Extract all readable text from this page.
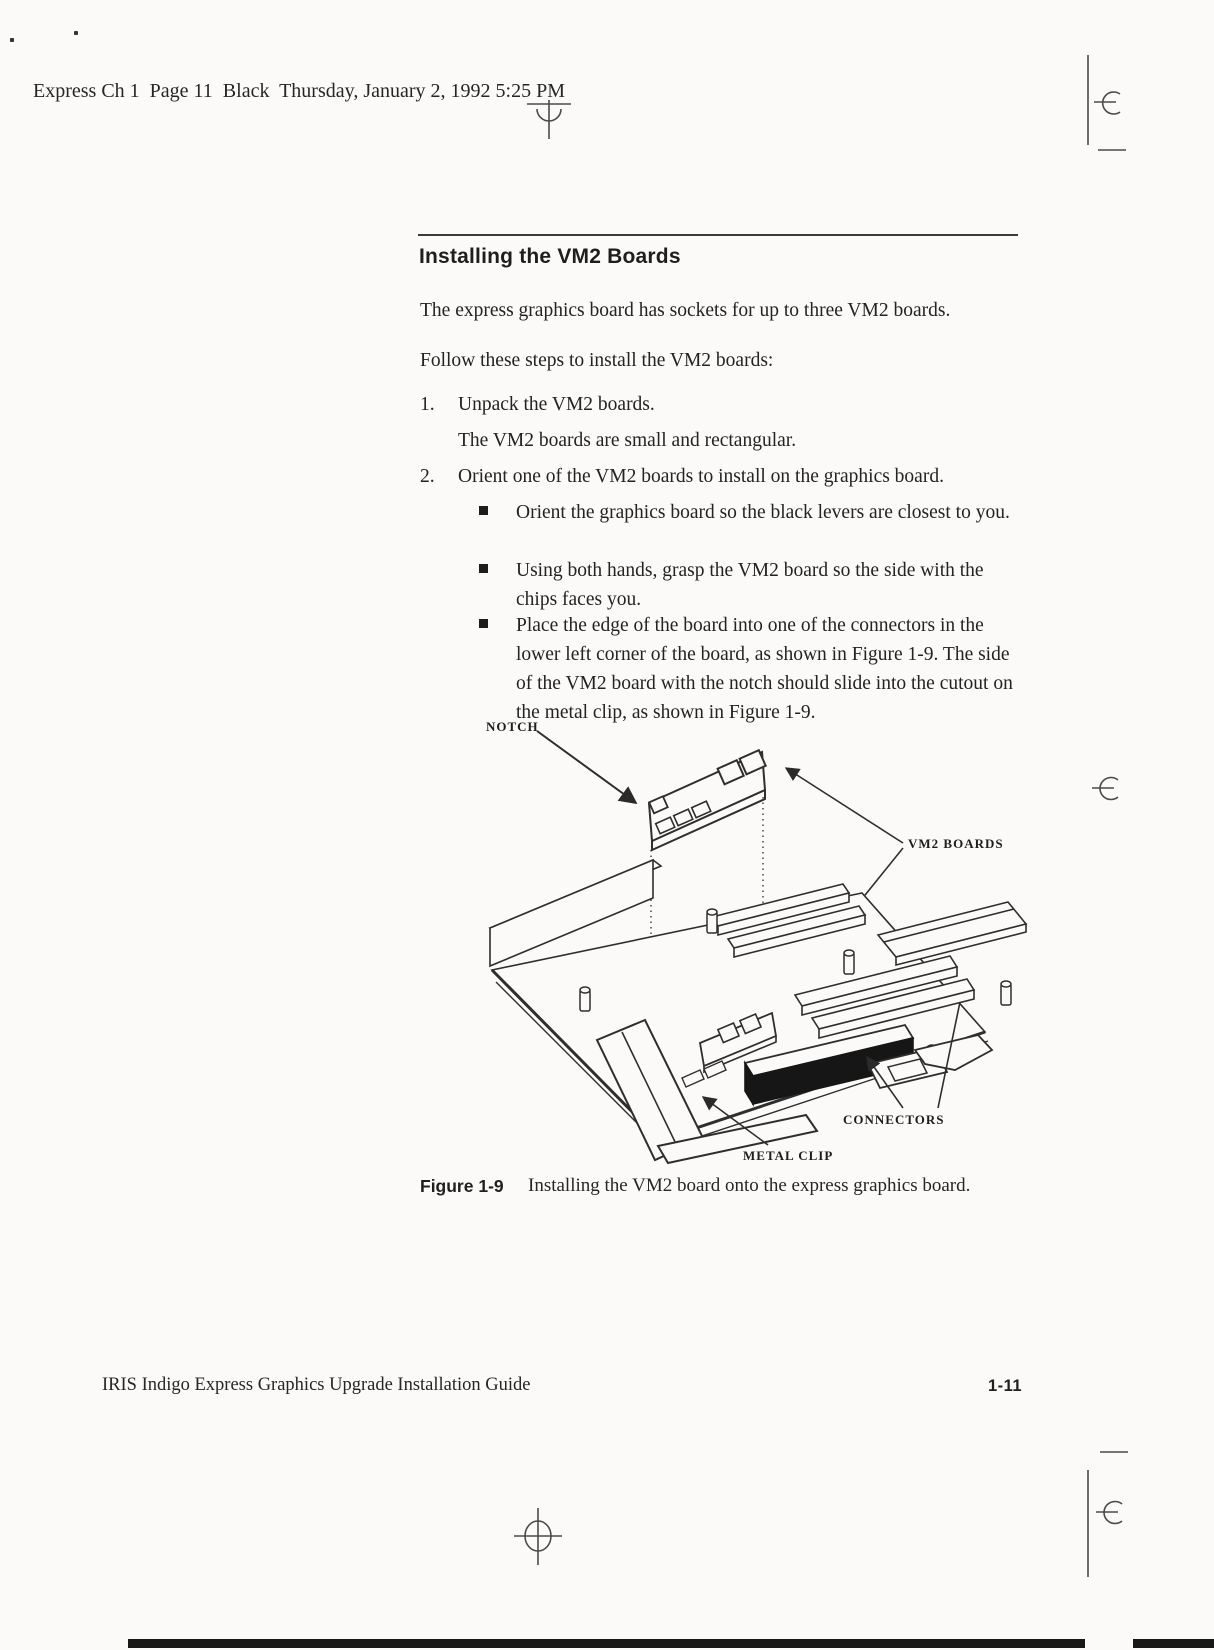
Express Ch 1  Page 11  Black  Thursday, January 2, 1992 5:25 PM
Installing the VM2 Boards
The express graphics board has sockets for up to three VM2 boards.
Follow these steps to install the VM2 boards:
1.	Unpack the VM2 boards.
The VM2 boards are small and rectangular.
2.	Orient one of the VM2 boards to install on the graphics board.
Orient the graphics board so the black levers are closest to you.
Using both hands, grasp the VM2 board so the side with the chips faces you.
Place the edge of the board into one of the connectors in the lower left corner of the board, as shown in Figure 1-9. The side of the VM2 board with the notch should slide into the cutout on the metal clip, as shown in Figure 1-9.
NOTCH
VM2 BOARDS
CONNECTORS
METAL CLIP
Figure 1-9 Installing the VM2 board onto the express graphics board.
IRIS Indigo Express Graphics Upgrade Installation Guide	1-11
